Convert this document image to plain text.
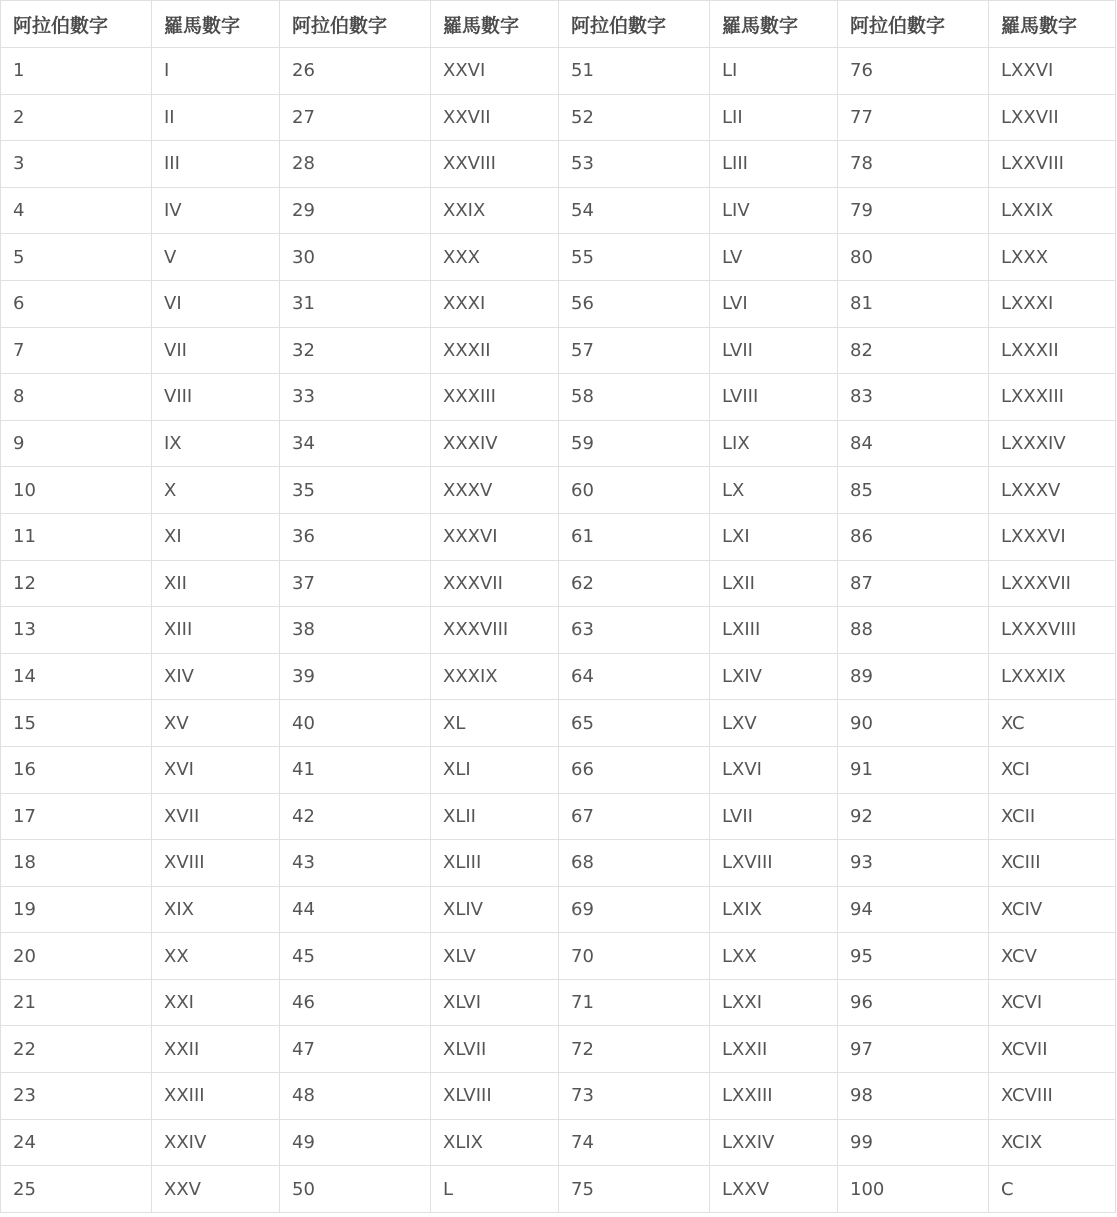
阿拉伯數字	羅馬數字	阿拉伯數字	羅馬數字	阿拉伯數字	羅馬數字	阿拉伯數字	羅馬數字
1	I	26	XXVI	51	LI	76	LXXVI
2	II	27	XXVII	52	LII	77	LXXVII
3	III	28	XXVIII	53	LIII	78	LXXVIII
4	IV	29	XXIX	54	LIV	79	LXXIX
5	V	30	XXX	55	LV	80	LXXX
6	VI	31	XXXI	56	LVI	81	LXXXI
7	VII	32	XXXII	57	LVII	82	LXXXII
8	VIII	33	XXXIII	58	LVIII	83	LXXXIII
9	IX	34	XXXIV	59	LIX	84	LXXXIV
10	X	35	XXXV	60	LX	85	LXXXV
11	XI	36	XXXVI	61	LXI	86	LXXXVI
12	XII	37	XXXVII	62	LXII	87	LXXXVII
13	XIII	38	XXXVIII	63	LXIII	88	LXXXVIII
14	XIV	39	XXXIX	64	LXIV	89	LXXXIX
15	XV	40	XL	65	LXV	90	XC
16	XVI	41	XLI	66	LXVI	91	XCI
17	XVII	42	XLII	67	LVII	92	XCII
18	XVIII	43	XLIII	68	LXVIII	93	XCIII
19	XIX	44	XLIV	69	LXIX	94	XCIV
20	XX	45	XLV	70	LXX	95	XCV
21	XXI	46	XLVI	71	LXXI	96	XCVI
22	XXII	47	XLVII	72	LXXII	97	XCVII
23	XXIII	48	XLVIII	73	LXXIII	98	XCVIII
24	XXIV	49	XLIX	74	LXXIV	99	XCIX
25	XXV	50	L	75	LXXV	100	C
